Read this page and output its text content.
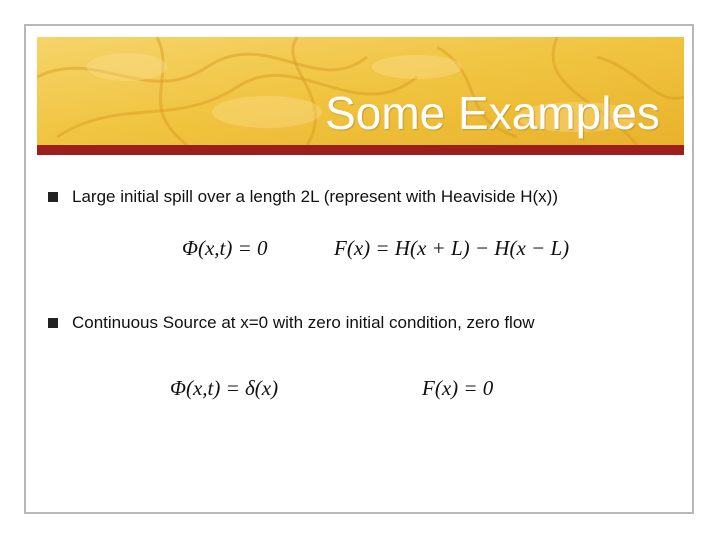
Some Examples
Large initial spill over a length 2L (represent with Heaviside H(x))
Φ(x,t) = 0	F(x) = H(x + L) − H(x − L)
Continuous Source at x=0 with zero initial condition, zero flow
Φ(x,t) = δ(x)	F(x) = 0
